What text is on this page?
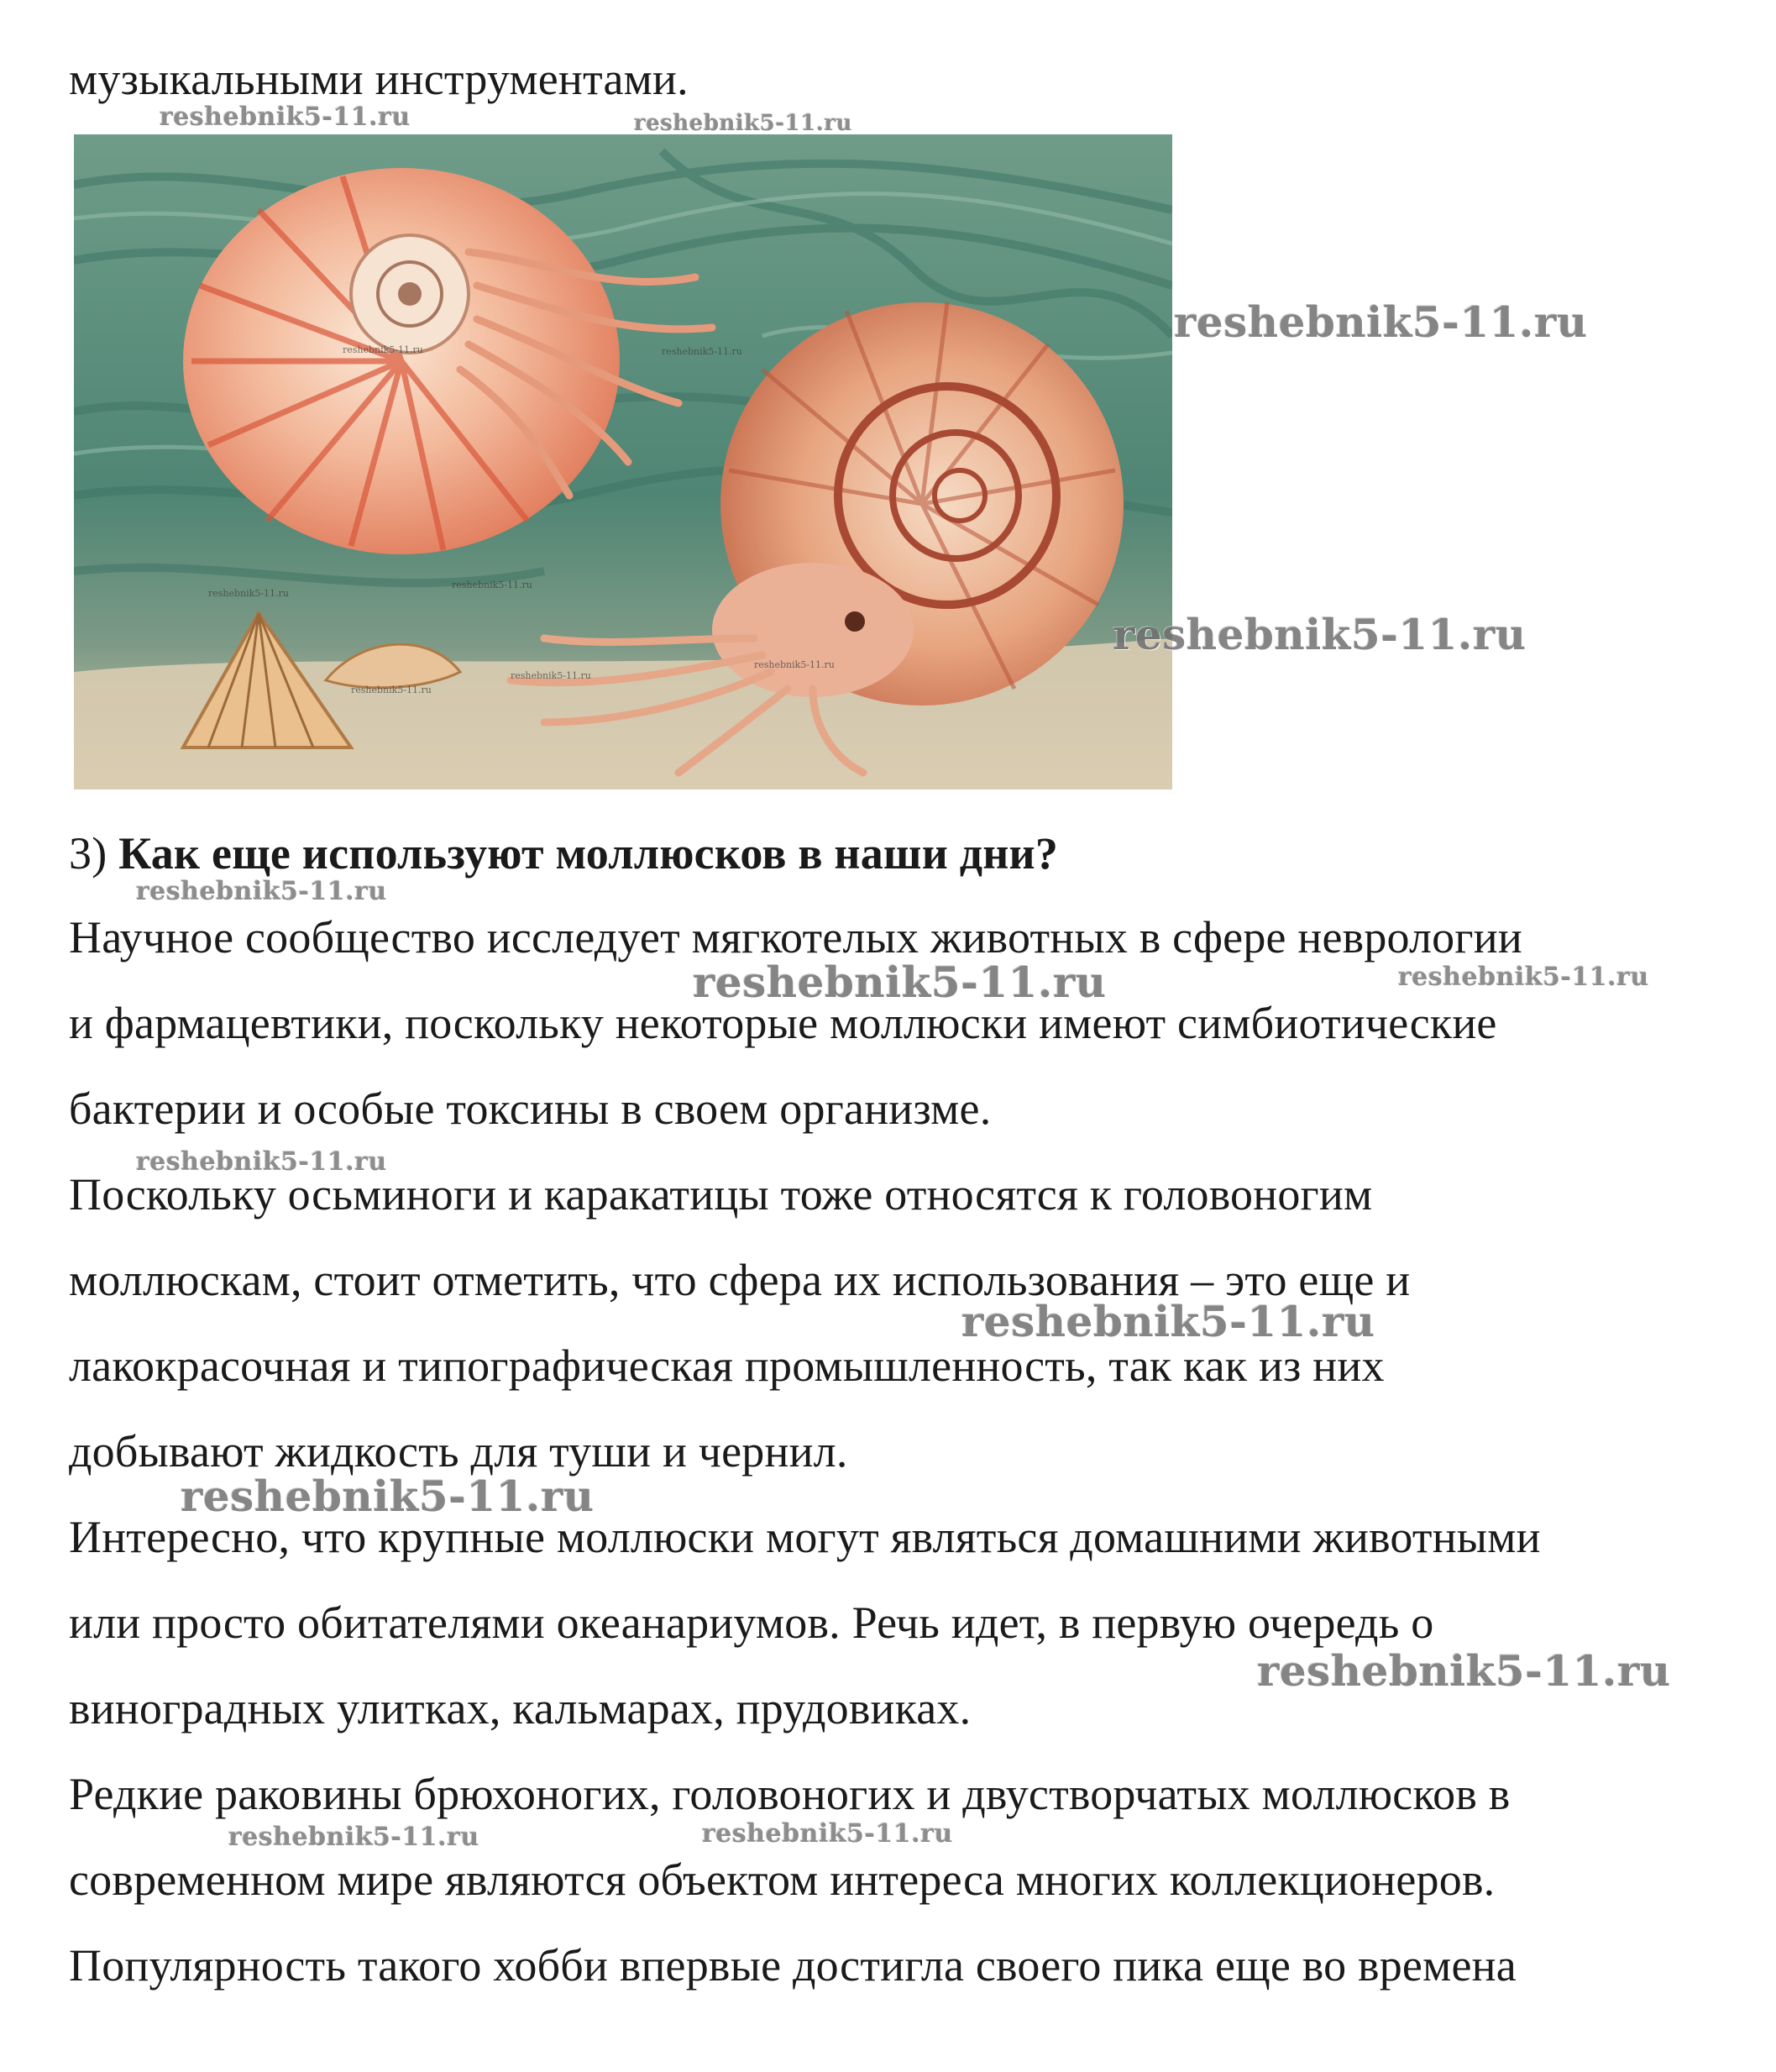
музыкальными инструментами.
reshebnik5-11.ru	reshebnik5-11.ru
reshebnik5-11.ru
reshebnik5-11.ru
reshebnik5-11.ru
reshebnik5-11.ru
reshebnik5-11.ru
3) Как еще используют моллюсков в наши дни?
Научное сообщество исследует мягкотелых животных в сфере неврологии
и фармацевтики, поскольку некоторые моллюски имеют симбиотические
бактерии и особые токсины в своем организме.
Поскольку осьминоги и каракатицы тоже относятся к головоногим
моллюскам, стоит отметить, что сфера их использования – это еще и
лакокрасочная и типографическая промышленность, так как из них
добывают жидкость для туши и чернил.
Интересно, что крупные моллюски могут являться домашними животными
или просто обитателями океанариумов. Речь идет, в первую очередь о
виноградных улитках, кальмарах, прудовиках.
Редкие раковины брюхоногих, головоногих и двустворчатых моллюсков в
современном мире являются объектом интереса многих коллекционеров.
Популярность такого хобби впервые достигла своего пика еще во времена
reshebnik5-11.ru	reshebnik5-11.ru
reshebnik5-11.ru
reshebnik5-11.ru
reshebnik5-11.ru
reshebnik5-11.ru	reshebnik5-11.ru
reshebnik5-11.ru
reshebnik5-11.ru
reshebnik5-11.ru
reshebnik5-11.ru
reshebnik5-11.ru	reshebnik5-11.ru
